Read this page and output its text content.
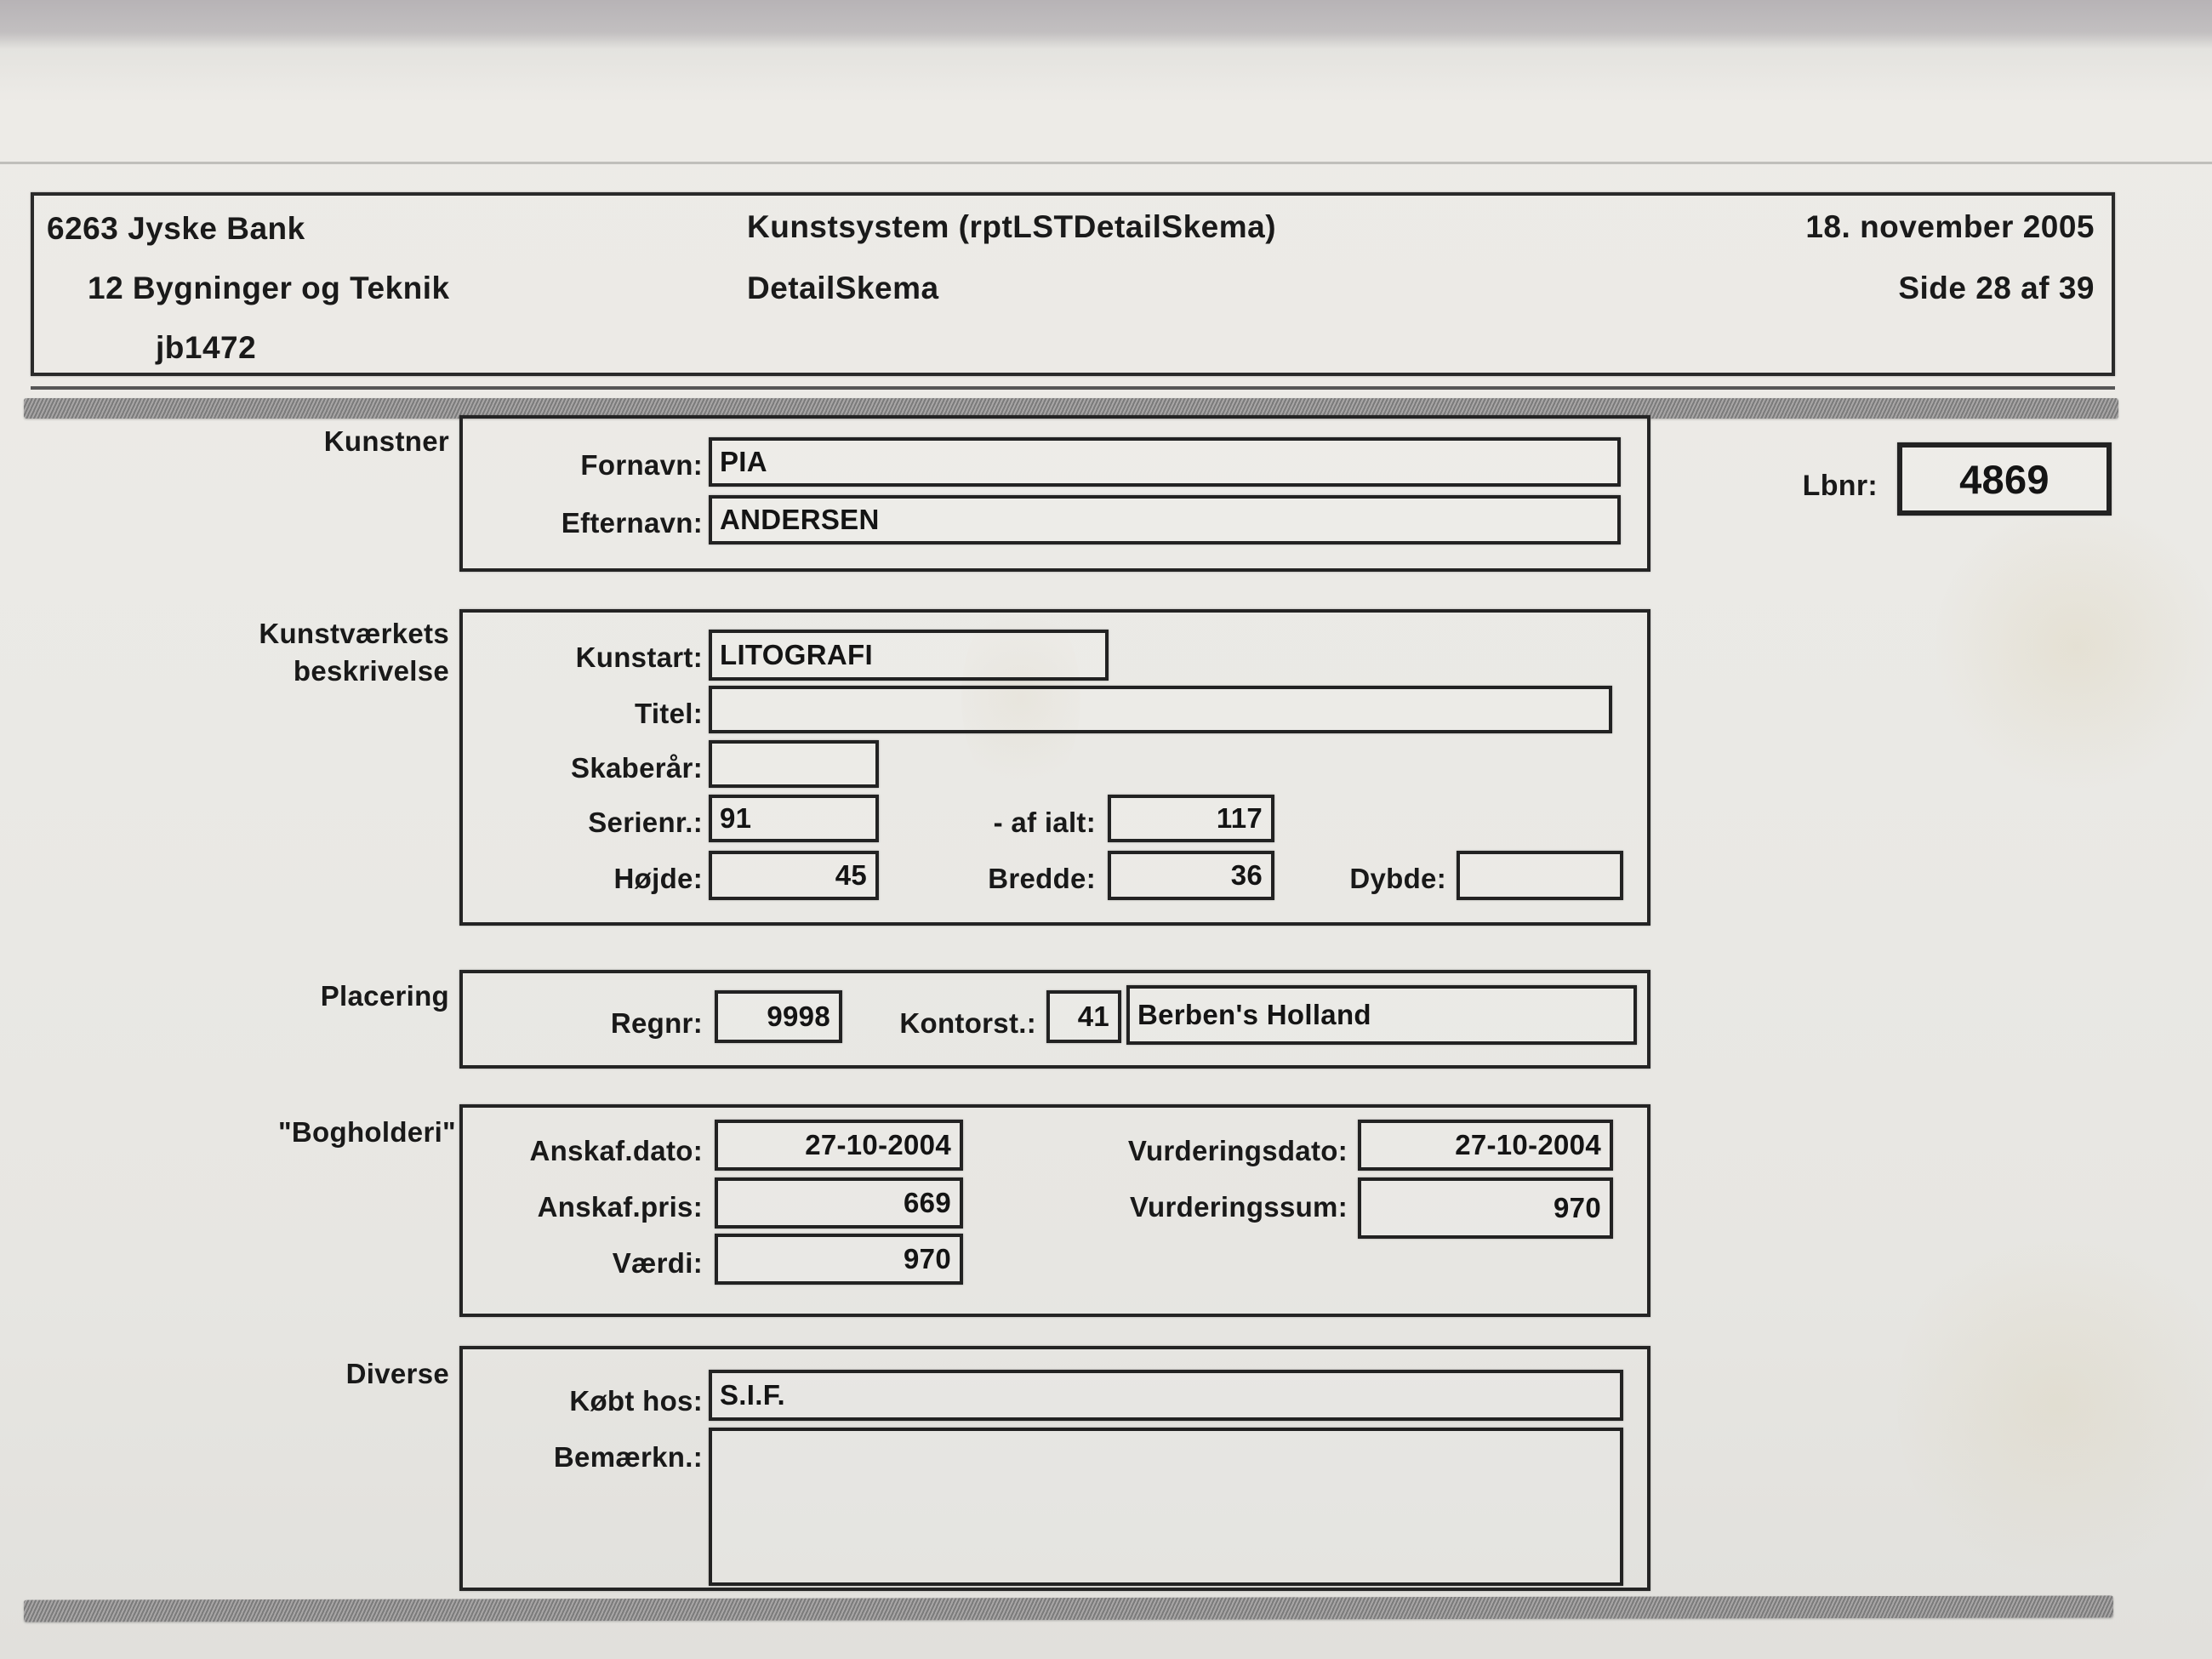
6263 Jyske Bank
12 Bygninger og Teknik
jb1472
Kunstsystem (rptLSTDetailSkema)
DetailSkema
18. november 2005
Side 28 af 39
Kunstner
Fornavn: PIA
Efternavn: ANDERSEN
Lbnr:	4869
Kunstværkets
beskrivelse	Kunstart: LITOGRAFI
Titel:
Skaberår:
Serienr.: 91	- af ialt:	117
Højde:	45	Bredde:	36	Dybde:
Placering
Regnr:	9998	Kontorst.:	41	Berben's Holland
"Bogholderi"
Anskaf.dato:	27-10-2004	Vurderingsdato:	27-10-2004
Anskaf.pris:	669	Vurderingssum:	970
Værdi:	970
Diverse
Købt hos: S.I.F.
Bemærkn.:
